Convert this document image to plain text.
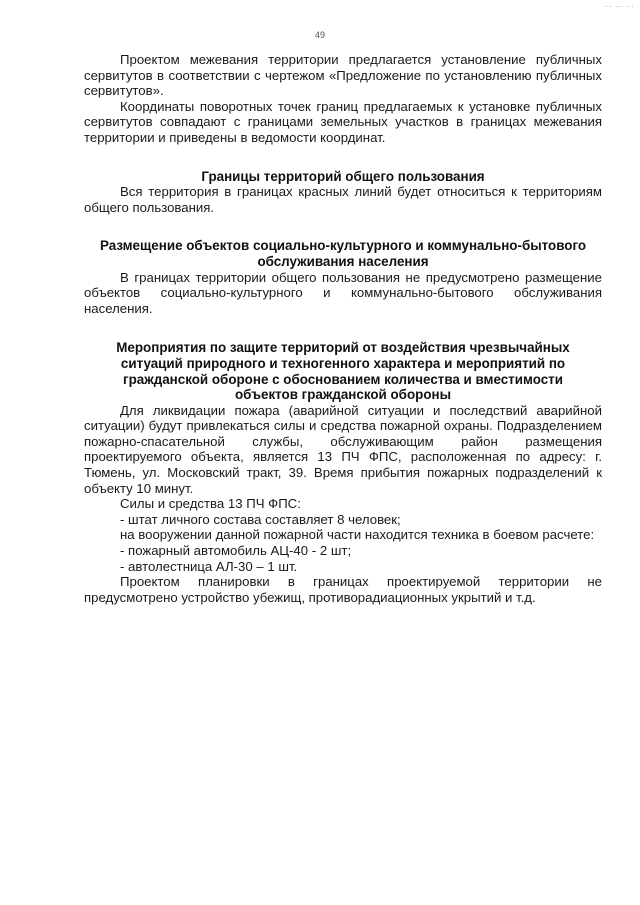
... ... ...
49

Проектом межевания территории предлагается установление публичных сервитутов в соответствии с чертежом «Предложение по установлению публичных сервитутов».

Координаты поворотных точек границ предлагаемых к установке публичных сервитутов совпадают с границами земельных участков в границах межевания территории и приведены в ведомости координат.

Границы территорий общего пользования

Вся территория в границах красных линий будет относиться к территориям общего пользования.

Размещение объектов социально-культурного и коммунально-бытового обслуживания населения

В границах территории общего пользования не предусмотрено размещение объектов социально-культурного и коммунально-бытового обслуживания населения.

Мероприятия по защите территорий от воздействия чрезвычайных ситуаций природного и техногенного характера и мероприятий по гражданской обороне с обоснованием количества и вместимости объектов гражданской обороны

Для ликвидации пожара (аварийной ситуации и последствий аварийной ситуации) будут привлекаться силы и средства пожарной охраны. Подразделением пожарно-спасательной службы, обслуживающим район размещения проектируемого объекта, является 13 ПЧ ФПС, расположенная по адресу: г. Тюмень, ул. Московский тракт, 39. Время прибытия пожарных подразделений к объекту 10 минут.

Силы и средства 13 ПЧ ФПС:

- штат личного состава составляет 8 человек;

на вооружении данной пожарной части находится техника в боевом расчете:

- пожарный автомобиль АЦ-40 - 2 шт;

- автолестница АЛ-30 – 1 шт.

Проектом планировки в границах проектируемой территории не предусмотрено устройство убежищ, противорадиационных укрытий и т.д.
